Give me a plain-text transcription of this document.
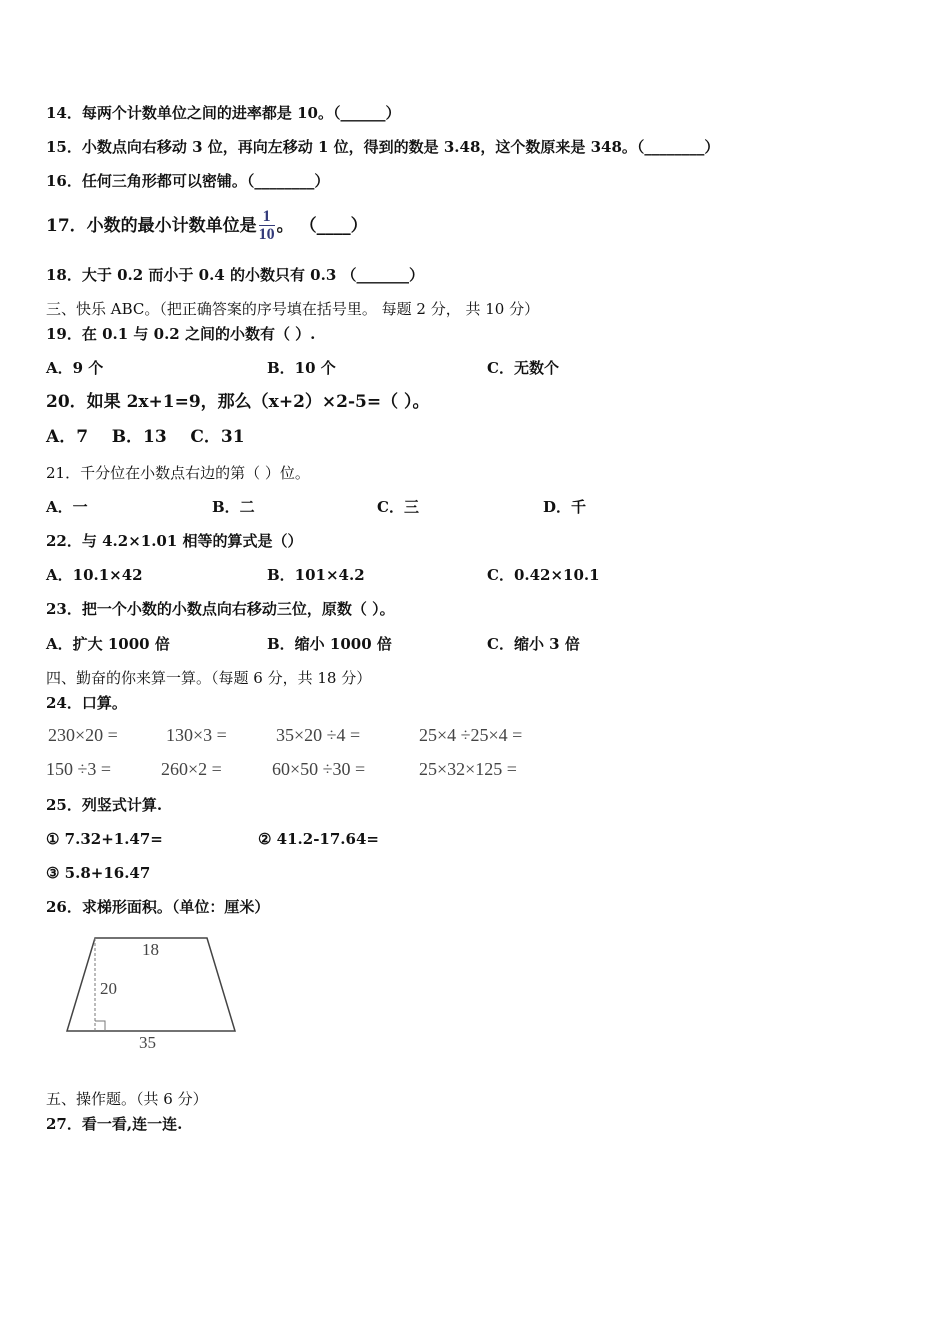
14．每两个计数单位之间的进率都是 10。（______）
15．小数点向右移动 3 位，再向左移动 1 位，得到的数是 3.48，这个数原来是 348。（________）
16．任何三角形都可以密铺。（________）
17．小数的最小计数单位是 $\frac{1}{10}$ 。 （____）
18．大于 0.2 而小于 0.4 的小数只有 0.3 （_______）
三、快乐 ABC。（把正确答案的序号填在括号里。 每题 2 分， 共 10 分）
19．在 0.1 与 0.2 之间的小数有（ ）.
A．9 个	B．10 个	C．无数个
20．如果 2x+1=9，那么（x+2）×2-5=（ ）。
A．7    B．13    C．31
21．千分位在小数点右边的第（ ）位。
A．一	B．二	C．三	D．千
22．与 4.2×1.01 相等的算式是（）
A．10.1×42	B．101×4.2	C．0.42×10.1
23．把一个小数的小数点向右移动三位，原数（ ）。
A．扩大 1000 倍	B．缩小 1000 倍	C．缩小 3 倍
四、勤奋的你来算一算。（每题 6 分，共 18 分）
24．口算。
230×20 =	130×3 =	35×20 ÷4 =	25×4 ÷25×4 =
150 ÷3 =	260×2 =	60×50 ÷30 =	25×32×125 =
25．列竖式计算.
① 7.32+1.47=	② 41.2-17.64=
③ 5.8+16.47
26．求梯形面积。（单位：厘米）
18
20
35
五、操作题。（共 6 分）
27．看一看,连一连.
